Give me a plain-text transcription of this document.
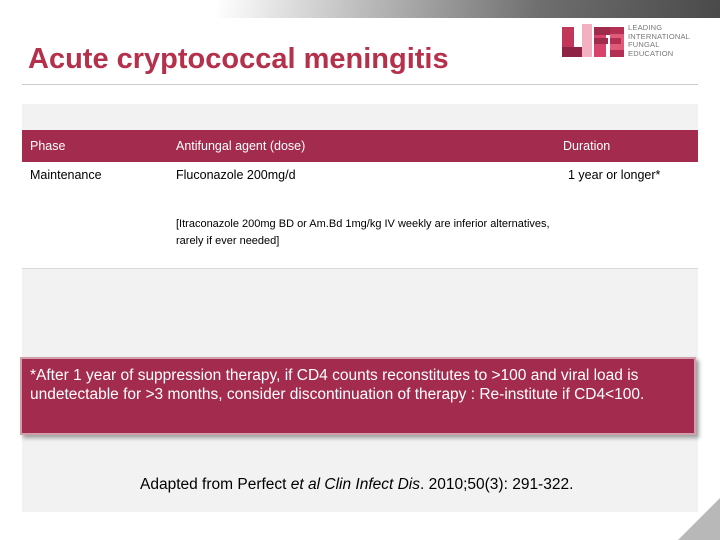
Acute cryptococcal meningitis
LEADING
INTERNATIONAL
FUNGAL
EDUCATION
Phase	Antifungal agent (dose)	Duration
Maintenance	Fluconazole 200mg/d	1 year or longer*
[Itraconazole 200mg BD or Am.Bd 1mg/kg IV weekly are inferior alternatives, rarely if ever needed]

*After 1 year of suppression therapy, if CD4 counts reconstitutes to >100 and viral load is undetectable for >3 months, consider discontinuation of therapy : Re-institute if CD4<100.

Adapted from Perfect et al Clin Infect Dis. 2010;50(3): 291-322.
